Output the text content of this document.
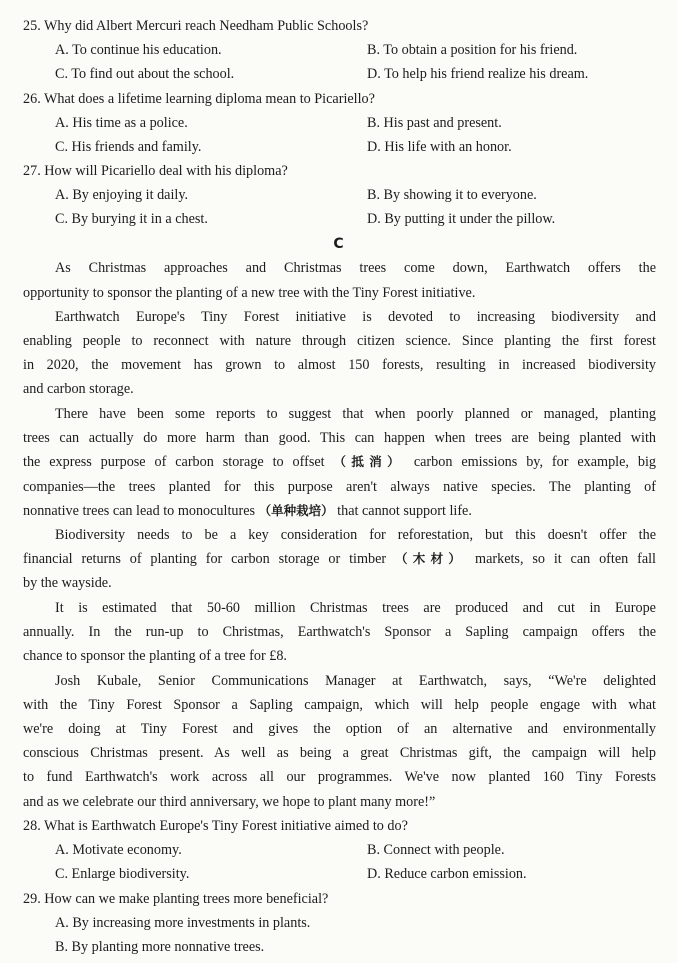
25. Why did Albert Mercuri reach Needham Public Schools?
A. To continue his education.	B. To obtain a position for his friend.
C. To find out about the school.	D. To help his friend realize his dream.
26. What does a lifetime learning diploma mean to Picariello?
A. His time as a police.	B. His past and present.
C. His friends and family.	D. His life with an honor.
27. How will Picariello deal with his diploma?
A. By enjoying it daily.	B. By showing it to everyone.
C. By burying it in a chest.	D. By putting it under the pillow.
C
As Christmas approaches and Christmas trees come down, Earthwatch offers the
opportunity to sponsor the planting of a new tree with the Tiny Forest initiative.
Earthwatch Europe's Tiny Forest initiative is devoted to increasing biodiversity and
enabling people to reconnect with nature through citizen science. Since planting the first forest
in 2020, the movement has grown to almost 150 forests, resulting in increased biodiversity
and carbon storage.
There have been some reports to suggest that when poorly planned or managed, planting
trees can actually do more harm than good. This can happen when trees are being planted with
the express purpose of carbon storage to offset （抵消） carbon emissions by, for example, big
companies—the trees planted for this purpose aren't always native species. The planting of
nonnative trees can lead to monocultures （单种栽培） that cannot support life.
Biodiversity needs to be a key consideration for reforestation, but this doesn't offer the
financial returns of planting for carbon storage or timber （木材） markets, so it can often fall
by the wayside.
It is estimated that 50-60 million Christmas trees are produced and cut in Europe
annually. In the run-up to Christmas, Earthwatch's Sponsor a Sapling campaign offers the
chance to sponsor the planting of a tree for £8.
Josh Kubale, Senior Communications Manager at Earthwatch, says, “We're delighted
with the Tiny Forest Sponsor a Sapling campaign, which will help people engage with what
we're doing at Tiny Forest and gives the option of an alternative and environmentally
conscious Christmas present. As well as being a great Christmas gift, the campaign will help
to fund Earthwatch's work across all our programmes. We've now planted 160 Tiny Forests
and as we celebrate our third anniversary, we hope to plant many more!”
28. What is Earthwatch Europe's Tiny Forest initiative aimed to do?
A. Motivate economy.	B. Connect with people.
C. Enlarge biodiversity.	D. Reduce carbon emission.
29. How can we make planting trees more beneficial?
A. By increasing more investments in plants.
B. By planting more nonnative trees.
